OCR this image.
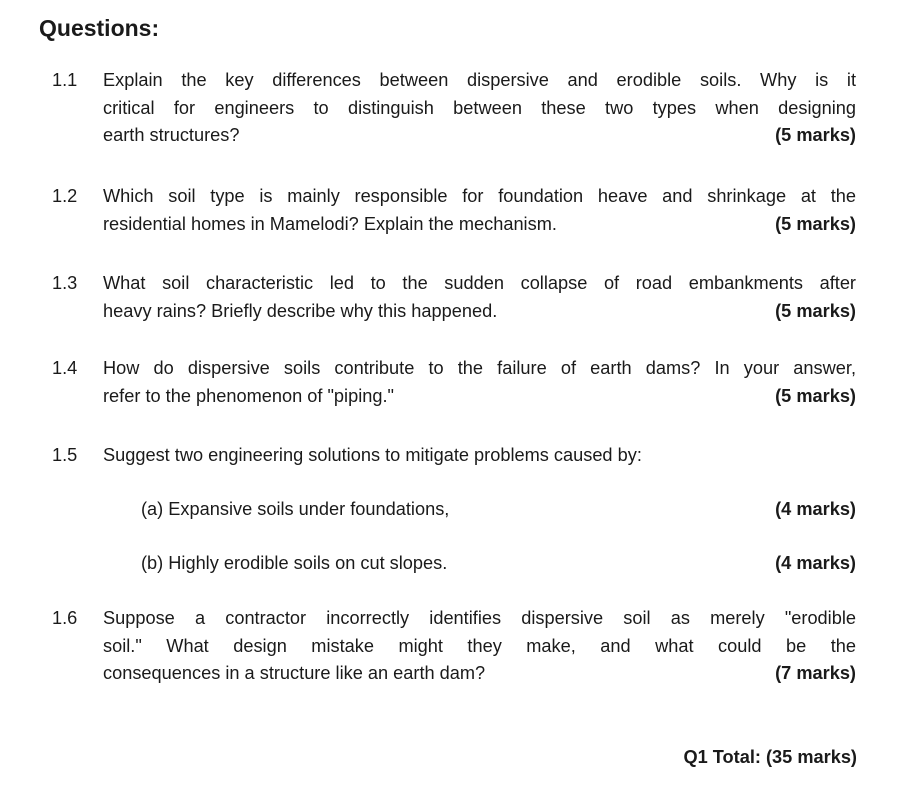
Questions:
1.1 Explain the key differences between dispersive and erodible soils. Why is it
critical for engineers to distinguish between these two types when designing
earth structures?	(5 marks)
1.2 Which soil type is mainly responsible for foundation heave and shrinkage at the
residential homes in Mamelodi? Explain the mechanism.	(5 marks)
1.3 What soil characteristic led to the sudden collapse of road embankments after
heavy rains? Briefly describe why this happened.	(5 marks)
1.4 How do dispersive soils contribute to the failure of earth dams? In your answer,
refer to the phenomenon of "piping."	(5 marks)
1.5 Suggest two engineering solutions to mitigate problems caused by:
(a) Expansive soils under foundations,	(4 marks)
(b) Highly erodible soils on cut slopes.	(4 marks)
1.6 Suppose a contractor incorrectly identifies dispersive soil as merely "erodible
soil." What design mistake might they make, and what could be the
consequences in a structure like an earth dam?	(7 marks)
Q1 Total: (35 marks)
